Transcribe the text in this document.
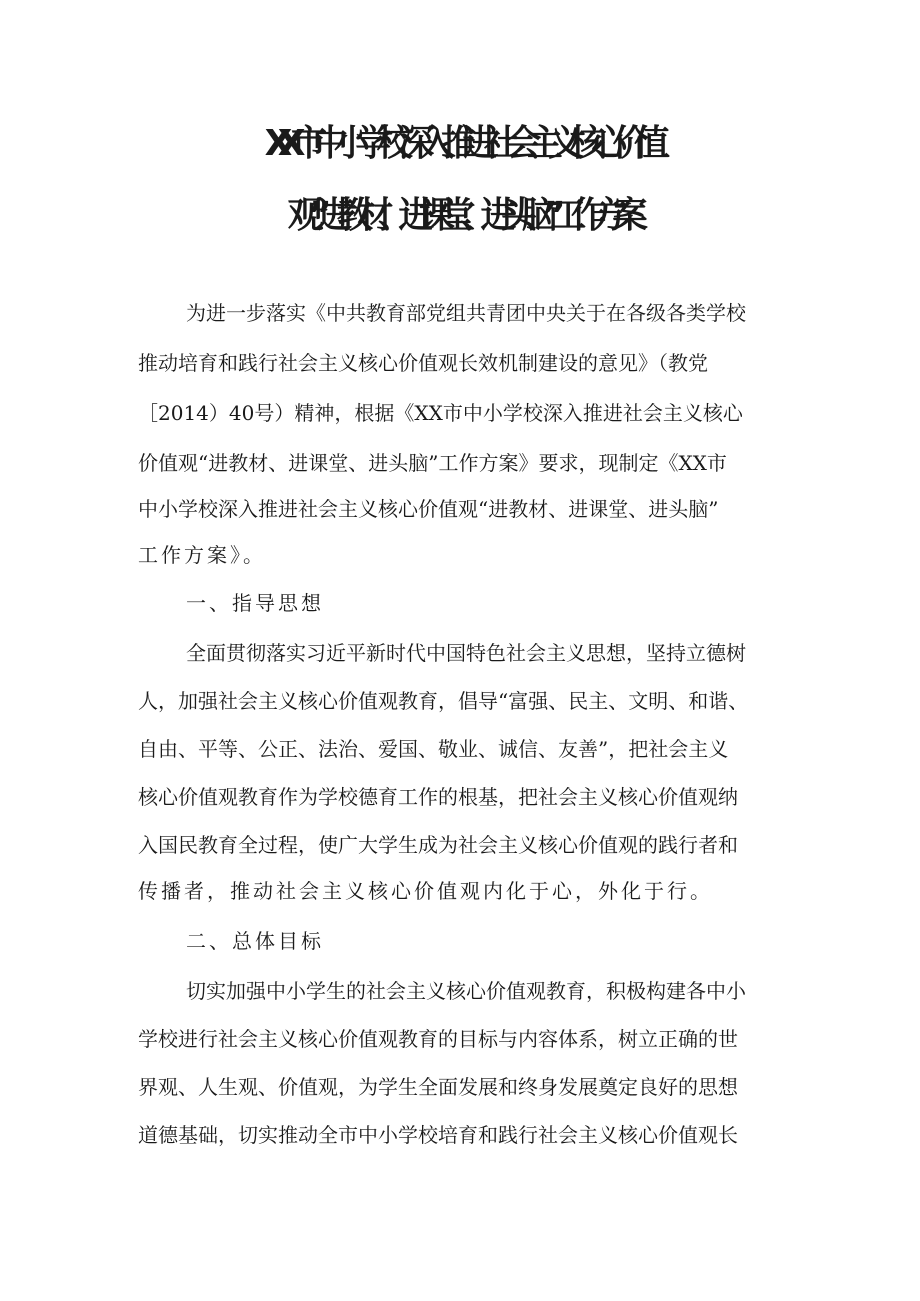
XX市中小学校深入推进社会主义核心价值
观”进教材、进课堂、进头脑”工作方案
为进一步落实《中共教育部党组共青团中央关于在各级各类学校
推动培育和践行社会主义核心价值观长效机制建设的意见》（教党
［2014）40号）精神，根据《XX市中小学校深入推进社会主义核心
价值观“进教材、进课堂、进头脑”工作方案》要求，现制定《XX市
中小学校深入推进社会主义核心价值观“进教材、进课堂、进头脑”
工作方案》。
一、指导思想
全面贯彻落实习近平新时代中国特色社会主义思想，坚持立德树
人，加强社会主义核心价值观教育，倡导“富强、民主、文明、和谐、
自由、平等、公正、法治、爱国、敬业、诚信、友善”，把社会主义
核心价值观教育作为学校德育工作的根基，把社会主义核心价值观纳
入国民教育全过程，使广大学生成为社会主义核心价值观的践行者和
传播者，推动社会主义核心价值观内化于心，外化于行。
二、总体目标
切实加强中小学生的社会主义核心价值观教育，积极构建各中小
学校进行社会主义核心价值观教育的目标与内容体系，树立正确的世
界观、人生观、价值观，为学生全面发展和终身发展奠定良好的思想
道德基础，切实推动全市中小学校培育和践行社会主义核心价值观长
